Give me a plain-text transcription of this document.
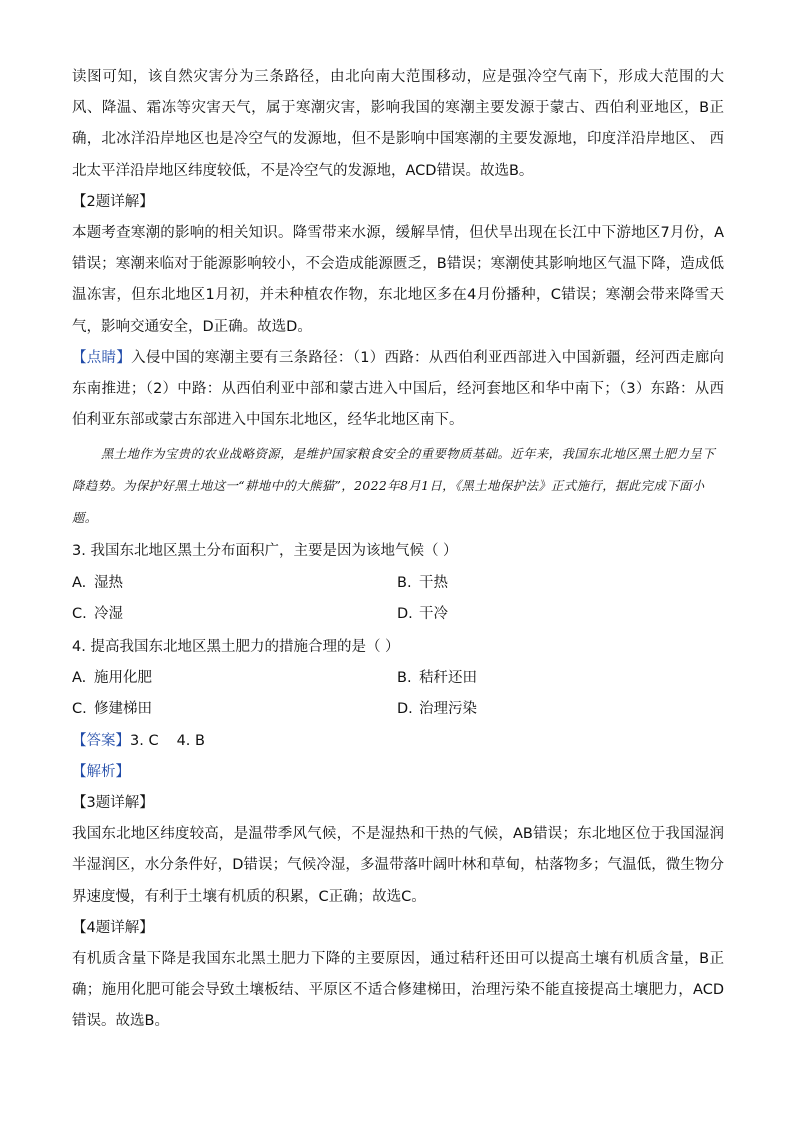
读图可知，该自然灾害分为三条路径，由北向南大范围移动，应是强冷空气南下，形成大范围的大风、降温、霜冻等灾害天气，属于寒潮灾害，影响我国的寒潮主要发源于蒙古、西伯利亚地区，B正确，北冰洋沿岸地区也是冷空气的发源地，但不是影响中国寒潮的主要发源地，印度洋沿岸地区、 西北太平洋沿岸地区纬度较低，不是冷空气的发源地，ACD错误。故选B。

【2题详解】

本题考查寒潮的影响的相关知识。降雪带来水源，缓解旱情，但伏旱出现在长江中下游地区7月份，A错误；寒潮来临对于能源影响较小，不会造成能源匮乏，B错误；寒潮使其影响地区气温下降，造成低温冻害，但东北地区1月初，并未种植农作物，东北地区多在4月份播种，C错误；寒潮会带来降雪天气，影响交通安全，D正确。故选D。

【点睛】入侵中国的寒潮主要有三条路径：（1）西路：从西伯利亚西部进入中国新疆，经河西走廊向东南推进；（2）中路：从西伯利亚中部和蒙古进入中国后，经河套地区和华中南下；（3）东路：从西伯利亚东部或蒙古东部进入中国东北地区，经华北地区南下。

黑土地作为宝贵的农业战略资源，是维护国家粮食安全的重要物质基础。近年来，我国东北地区黑土肥力呈下降趋势。为保护好黑土地这一“耕地中的大熊猫”，2022年8月1日，《黑土地保护法》正式施行，据此完成下面小题。

3. 我国东北地区黑土分布面积广，主要是因为该地气候（ ）

A. 湿热	B. 干热
C. 冷湿	D. 干冷

4. 提高我国东北地区黑土肥力的措施合理的是（ ）

A. 施用化肥	B. 秸秆还田
C. 修建梯田	D. 治理污染

【答案】3. C 4. B

【解析】

【3题详解】

我国东北地区纬度较高，是温带季风气候，不是湿热和干热的气候，AB错误；东北地区位于我国湿润半湿润区，水分条件好，D错误；气候冷湿，多温带落叶阔叶林和草甸，枯落物多；气温低，微生物分界速度慢，有利于土壤有机质的积累，C正确；故选C。

【4题详解】

有机质含量下降是我国东北黑土肥力下降的主要原因，通过秸秆还田可以提高土壤有机质含量，B正确；施用化肥可能会导致土壤板结、平原区不适合修建梯田，治理污染不能直接提高土壤肥力，ACD错误。故选B。
